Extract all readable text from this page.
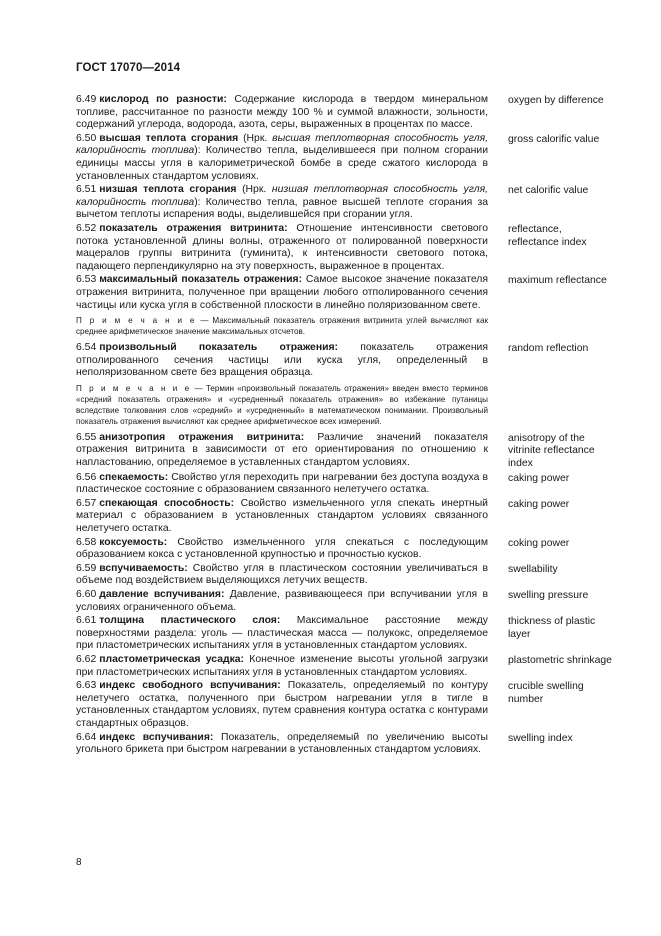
ГОСТ 17070—2014
6.49 кислород по разности: Содержание кислорода в твердом минеральном топливе, рассчитанное по разности между 100 % и суммой влажности, зольности, содержаний углерода, водорода, азота, серы, выраженных в процентах по массе.
oxygen by difference
6.50 высшая теплота сгорания (Нрк. высшая теплотворная способность угля, калорийность топлива): Количество тепла, выделившееся при полном сгорании единицы массы угля в калориметрической бомбе в среде сжатого кислорода в установленных стандартом условиях.
gross calorific value
6.51 низшая теплота сгорания (Нрк. низшая теплотворная способность угля, калорийность топлива): Количество тепла, равное высшей теплоте сгорания за вычетом теплоты испарения воды, выделившейся при сгорании угля.
net calorific value
6.52 показатель отражения витринита: Отношение интенсивности светового потока установленной длины волны, отраженного от полированной поверхности мацералов группы витринита (гуминита), к интенсивности светового потока, падающего перпендикулярно на эту поверхность, выраженное в процентах.
reflectance,
reflectance index
6.53 максимальный показатель отражения: Самое высокое значение показателя отражения витринита, полученное при вращении любого отполированного сечения частицы или куска угля в собственной плоскости в линейно поляризованном свете.
maximum reflectance
П р и м е ч а н и е — Максимальный показатель отражения витринита углей вычисляют как среднее арифметическое значение максимальных отсчетов.
6.54 произвольный показатель отражения: показатель отражения отполированного сечения частицы или куска угля, определенный в неполяризованном свете без вращения образца.
random reflection
П р и м е ч а н и е — Термин «произвольный показатель отражения» введен вместо терминов «средний показатель отражения» и «усредненный показатель отражения» во избежание путаницы вследствие толкования слов «средний» и «усредненный» в математическом понимании. Произвольный показатель отражения вычисляют как среднее арифметическое всех измерений.
6.55 анизотропия отражения витринита: Различие значений показателя отражения витринита в зависимости от его ориентирования по отношению к напластованию, определяемое в уставленных стандартом условиях.
anisotropy of the
vitrinite reflectance
index
6.56 спекаемость: Свойство угля переходить при нагревании без доступа воздуха в пластическое состояние с образованием связанного нелетучего остатка.
caking power
6.57 спекающая способность: Свойство измельченного угля спекать инертный материал с образованием в установленных стандартом условиях связанного нелетучего остатка.
caking power
6.58 коксуемость: Свойство измельченного угля спекаться с последующим образованием кокса с установленной крупностью и прочностью кусков.
coking power
6.59 вспучиваемость: Свойство угля в пластическом состоянии увеличиваться в объеме под воздействием выделяющихся летучих веществ.
swellability
6.60 давление вспучивания: Давление, развивающееся при вспучивании угля в условиях ограниченного объема.
swelling pressure
6.61 толщина пластического слоя: Максимальное расстояние между поверхностями раздела: уголь — пластическая масса — полукокс, определяемое при пластометрических испытаниях угля в установленных стандартом условиях.
thickness of plastic
layer
6.62 пластометрическая усадка: Конечное изменение высоты угольной загрузки при пластометрических испытаниях угля в установленных стандартом условиях.
plastometric shrinkage
6.63 индекс свободного вспучивания: Показатель, определяемый по контуру нелетучего остатка, полученного при быстром нагревании угля в тигле в установленных стандартом условиях, путем сравнения контура остатка с контурами стандартных образцов.
crucible swelling
number
6.64 индекс вспучивания: Показатель, определяемый по увеличению высоты угольного брикета при быстром нагревании в установленных стандартом условиях.
swelling index
8
